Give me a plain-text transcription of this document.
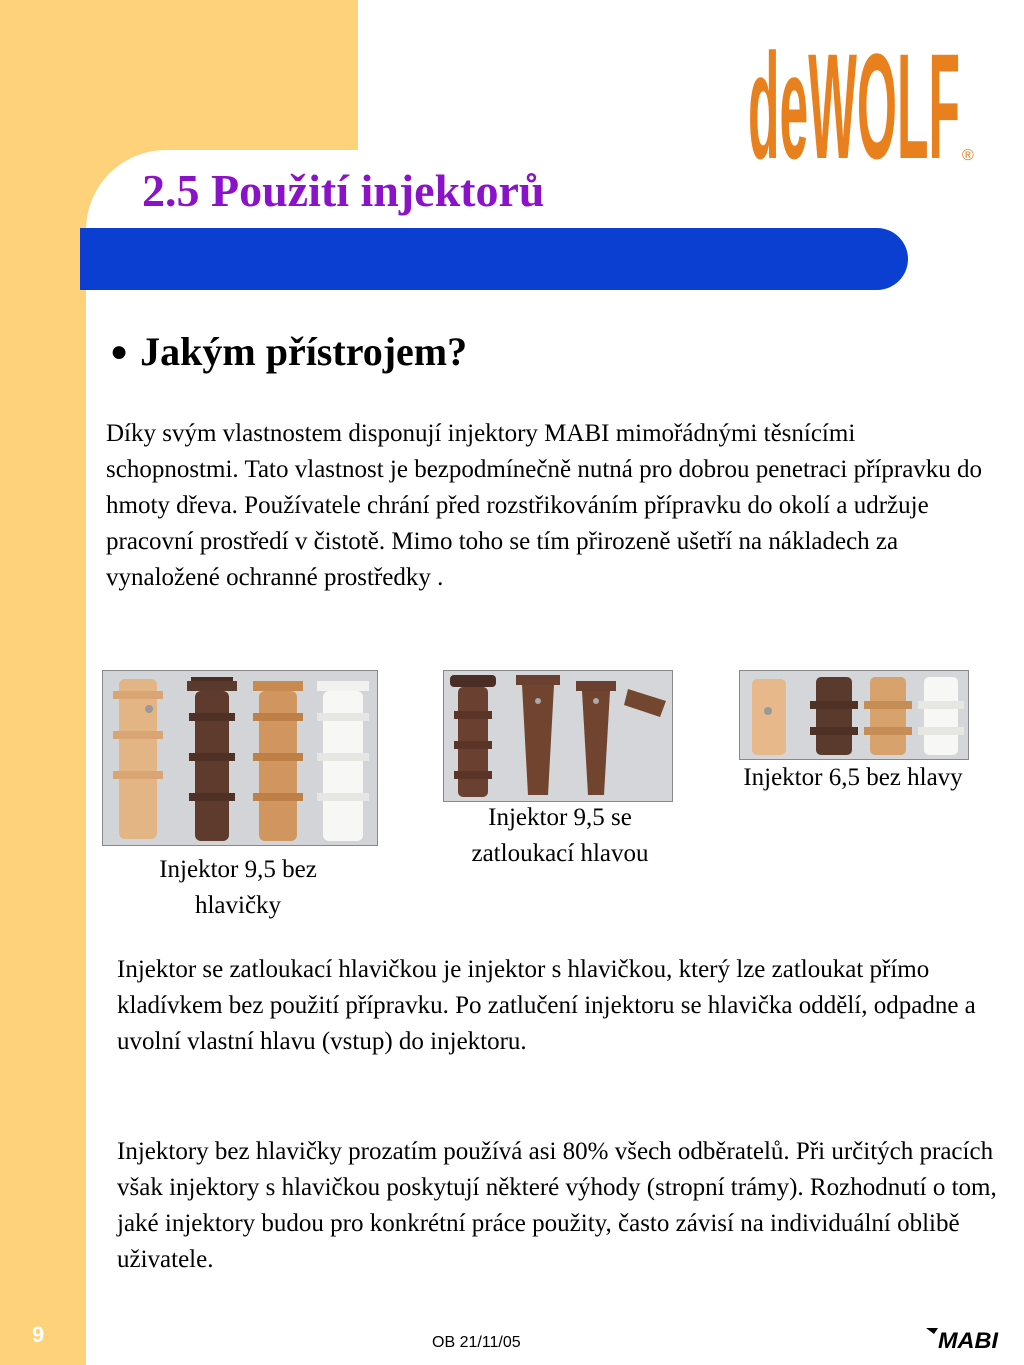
2.5 Použití injektorů
deWOLF ®
● Jakým přístrojem?

Díky svým vlastnostem disponují injektory MABI mimořádnými těsnícími schopnostmi. Tato vlastnost je bezpodmínečně nutná pro dobrou penetraci přípravku do hmoty dřeva. Používatele chrání před rozstřikováním přípravku do okolí a udržuje pracovní prostředí v čistotě. Mimo toho se tím přirozeně ušetří na nákladech za vynaložené ochranné prostředky .

Injektor 9,5 bez hlavičky

Injektor 9,5 se zatloukací hlavou

Injektor 6,5 bez hlavy

Injektor se zatloukací hlavičkou je injektor s hlavičkou, který lze zatloukat přímo kladívkem bez použití přípravku. Po zatlučení injektoru se hlavička oddělí, odpadne a uvolní vlastní hlavu (vstup) do injektoru.

Injektory bez hlavičky prozatím používá asi 80% všech odběratelů. Při určitých pracích však injektory s hlavičkou poskytují některé výhody (stropní trámy). Rozhodnutí o tom, jaké injektory budou pro konkrétní práce použity, často závisí na individuální oblibě uživatele.

9	OB 21/11/05	MABI
